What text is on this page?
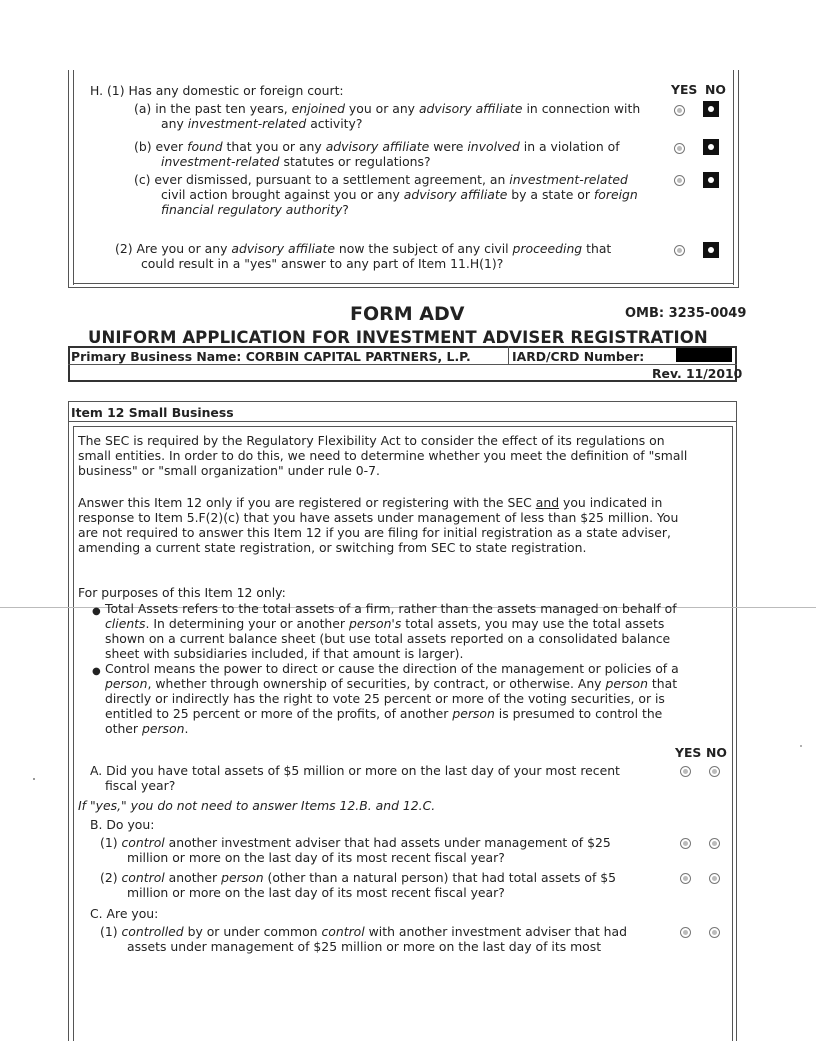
YES NO
H. (1) Has any domestic or foreign court:
(a) in the past ten years, enjoined you or any advisory affiliate in connection with
any investment-related activity?
(b) ever found that you or any advisory affiliate were involved in a violation of
investment-related statutes or regulations?
(c) ever dismissed, pursuant to a settlement agreement, an investment-related
civil action brought against you or any advisory affiliate by a state or foreign
financial regulatory authority?
(2) Are you or any advisory affiliate now the subject of any civil proceeding that
could result in a "yes" answer to any part of Item 11.H(1)?
FORM ADV	OMB: 3235-0049
UNIFORM APPLICATION FOR INVESTMENT ADVISER REGISTRATION
Primary Business Name: CORBIN CAPITAL PARTNERS, L.P.	IARD/CRD Number:
Rev. 11/2010
Item 12 Small Business
The SEC is required by the Regulatory Flexibility Act to consider the effect of its regulations on
small entities. In order to do this, we need to determine whether you meet the definition of "small
business" or "small organization" under rule 0-7.
Answer this Item 12 only if you are registered or registering with the SEC and you indicated in
response to Item 5.F(2)(c) that you have assets under management of less than $25 million. You
are not required to answer this Item 12 if you are filing for initial registration as a state adviser,
amending a current state registration, or switching from SEC to state registration.
For purposes of this Item 12 only:
● Total Assets refers to the total assets of a firm, rather than the assets managed on behalf of
clients. In determining your or another person's total assets, you may use the total assets
shown on a current balance sheet (but use total assets reported on a consolidated balance
sheet with subsidiaries included, if that amount is larger).
● Control means the power to direct or cause the direction of the management or policies of a
person, whether through ownership of securities, by contract, or otherwise. Any person that
directly or indirectly has the right to vote 25 percent or more of the voting securities, or is
entitled to 25 percent or more of the profits, of another person is presumed to control the
other person.
YES NO
A. Did you have total assets of $5 million or more on the last day of your most recent
fiscal year?
If "yes," you do not need to answer Items 12.B. and 12.C.
B. Do you:
(1) control another investment adviser that had assets under management of $25
million or more on the last day of its most recent fiscal year?
(2) control another person (other than a natural person) that had total assets of $5
million or more on the last day of its most recent fiscal year?
C. Are you:
(1) controlled by or under common control with another investment adviser that had
assets under management of $25 million or more on the last day of its most
